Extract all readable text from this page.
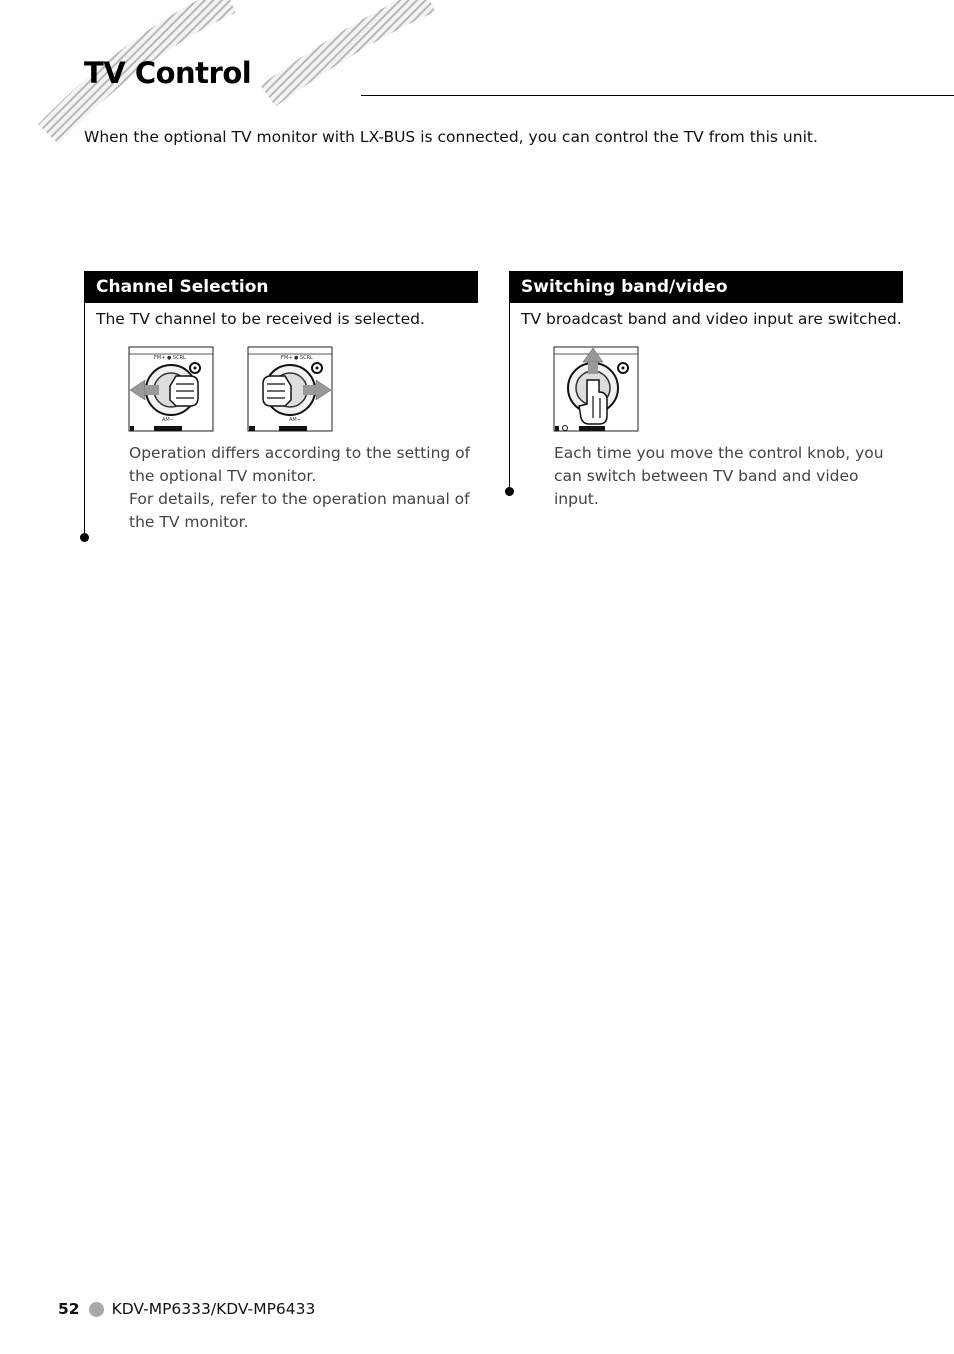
TV Control

When the optional TV monitor with LX-BUS is connected, you can control the TV from this unit.

Channel Selection

The TV channel to be received is selected.

FM+ ● SCRL
AM−
FM+ ● SCRL
AM−

Operation differs according to the setting of the optional TV monitor.
For details, refer to the operation manual of the TV monitor.

Switching band/video

TV broadcast band and video input are switched.

Each time you move the control knob, you can switch between TV band and video input.

52 KDV-MP6333/KDV-MP6433
